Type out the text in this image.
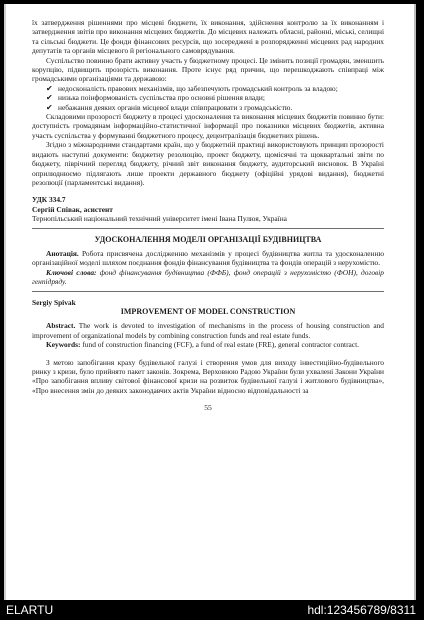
їх затвердження рішеннями про місцеві бюджети, їх виконання, здійснення контролю за їх виконанням і затвердження звітів про виконання місцевих бюджетів. До місцевих належать обласні, районні, міські, селищні та сільські бюджети. Це фонди фінансових ресурсів, що зосереджені в розпорядженні місцевих рад народних депутатів та органів місцевого й регіонального самоврядування.

Суспільство повинно брати активну участь у бюджетному процесі. Це змінить позиції громадян, зменшить корупцію, підвищить прозорість виконання. Проте існує ряд причин, що перешкоджають співпраці між громадськими організаціями та державою:

✔ недосконалість правових механізмів, що забезпечують громадський контроль за владою;
✔ низька поінформованість суспільства про основні рішення влади;
✔ небажання деяких органів місцевої влади співпрацювати з громадськістю.

Складовими прозорості бюджету в процесі удосконалення та виконання місцевих бюджетів повинно бути: доступність громадянам інформаційно-статистичної інформації про показники місцевих бюджетів, активна участь суспільства у формуванні бюджетного процесу, децентралізація бюджетних рішень.

Згідно з міжнародними стандартами країн, що у бюджетній практиці використовують принцип прозорості видають наступні документи: бюджетну резолюцію, проект бюджету, щомісячні та щоквартальні звіти по бюджету, піврічний перегляд бюджету, річний звіт виконання бюджету, аудиторський висновок. В Україні оприлюднюємо підлягають лише проекти державного бюджету (офіційні урядові видання), бюджетні резолюції (парламентські видання).

УДК 334.7

Сергій Співак, асистент

Тернопільський національний технічний університет імені Івана Пулюя, Україна

УДОСКОНАЛЕННЯ МОДЕЛІ ОРГАНІЗАЦІЇ БУДІВНИЦТВА

Анотація. Робота присвячена дослідженню механізмів у процесі будівництва житла та удосконаленню організаційної моделі шляхом поєднання фондів фінансування будівництва та фондів операцій з нерухомістю.

Ключові слова: фонд фінансування будівництва (ФФБ), фонд операцій з нерухомістю (ФОН), договір генпідряду.

Sergiy Spivak

IMPROVEMENT OF MODEL CONSTRUCTION

Abstract. The work is devoted to investigation of mechanisms in the process of housing construction and improvement of organizational models by combining construction funds and real estate funds.

Keywords: fund of construction financing (FCF), a fund of real estate (FRE), general contractor contract.

З метою запобігання краху будівельної галузі і створення умов для виходу інвестиційно-будівельного ринку з кризи, було прийнято пакет законів. Зокрема, Верховною Радою України були ухвалені Закони України «Про запобігання впливу світової фінансової кризи на розвиток будівельної галузі і житлового будівництва», «Про внесення змін до деяких законодавчих актів України відносно відповідальності за

55

ELARTU	hdl:123456789/8311
